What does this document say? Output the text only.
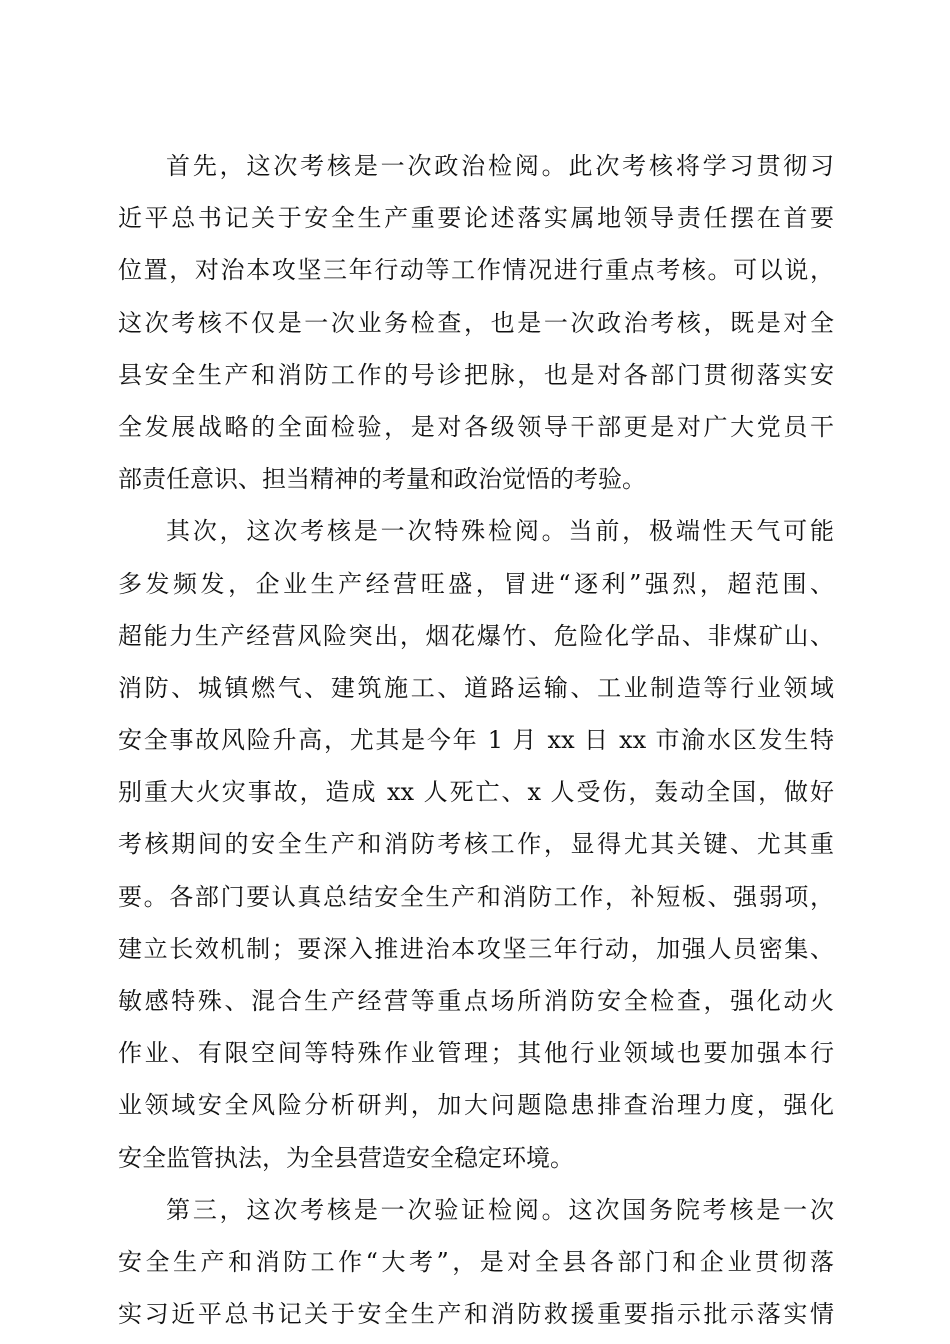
首先，这次考核是一次政治检阅。此次考核将学习贯彻习
近平总书记关于安全生产重要论述落实属地领导责任摆在首要
位置，对治本攻坚三年行动等工作情况进行重点考核。可以说，
这次考核不仅是一次业务检查，也是一次政治考核，既是对全
县安全生产和消防工作的号诊把脉，也是对各部门贯彻落实安
全发展战略的全面检验，是对各级领导干部更是对广大党员干
部责任意识、担当精神的考量和政治觉悟的考验。
其次，这次考核是一次特殊检阅。当前，极端性天气可能
多发频发，企业生产经营旺盛，冒进“逐利”强烈，超范围、
超能力生产经营风险突出，烟花爆竹、危险化学品、非煤矿山、
消防、城镇燃气、建筑施工、道路运输、工业制造等行业领域
安全事故风险升高，尤其是今年 1 月 xx 日 xx 市渝水区发生特
别重大火灾事故，造成 xx 人死亡、x 人受伤，轰动全国，做好
考核期间的安全生产和消防考核工作，显得尤其关键、尤其重
要。各部门要认真总结安全生产和消防工作，补短板、强弱项，
建立长效机制；要深入推进治本攻坚三年行动，加强人员密集、
敏感特殊、混合生产经营等重点场所消防安全检查，强化动火
作业、有限空间等特殊作业管理；其他行业领域也要加强本行
业领域安全风险分析研判，加大问题隐患排查治理力度，强化
安全监管执法，为全县营造安全稳定环境。
第三，这次考核是一次验证检阅。这次国务院考核是一次
安全生产和消防工作“大考”，是对全县各部门和企业贯彻落
实习近平总书记关于安全生产和消防救援重要指示批示落实情
